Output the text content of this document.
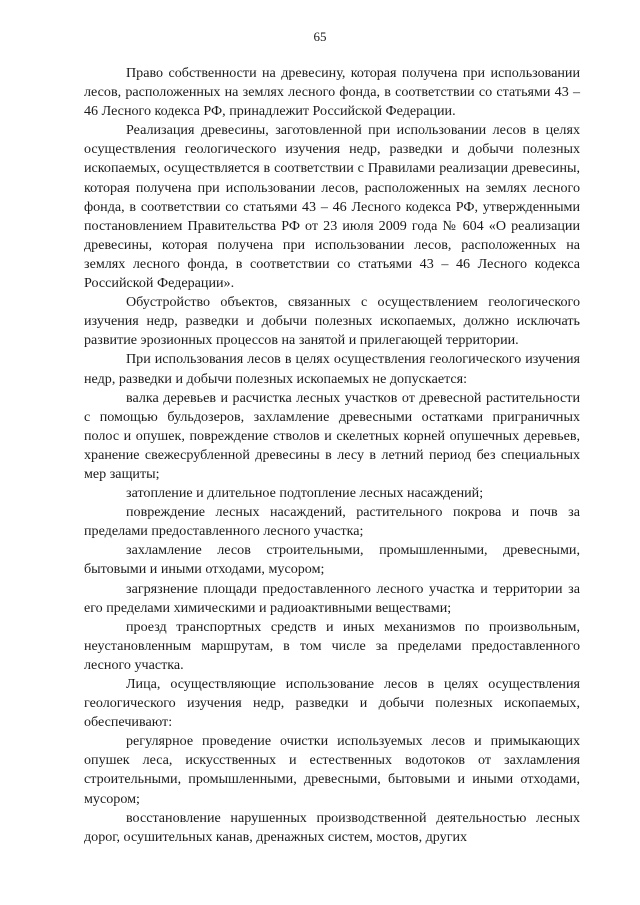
65

Право собственности на древесину, которая получена при использовании лесов, расположенных на землях лесного фонда, в соответствии со статьями 43 – 46 Лесного кодекса РФ, принадлежит Российской Федерации.

Реализация древесины, заготовленной при использовании лесов в целях осуществления геологического изучения недр, разведки и добычи полезных ископаемых, осуществляется в соответствии с Правилами реализации древесины, которая получена при использовании лесов, расположенных на землях лесного фонда, в соответствии со статьями 43 – 46 Лесного кодекса РФ, утвержденными постановлением Правительства РФ от 23 июля 2009 года № 604 «О реализации древесины, которая получена при использовании лесов, расположенных на землях лесного фонда, в соответствии со статьями 43 – 46 Лесного кодекса Российской Федерации».

Обустройство объектов, связанных с осуществлением геологического изучения недр, разведки и добычи полезных ископаемых, должно исключать развитие эрозионных процессов на занятой и прилегающей территории.

При использования лесов в целях осуществления геологического изучения недр, разведки и добычи полезных ископаемых не допускается:

валка деревьев и расчистка лесных участков от древесной растительности с помощью бульдозеров, захламление древесными остатками приграничных полос и опушек, повреждение стволов и скелетных корней опушечных деревьев, хранение свежесрубленной древесины в лесу в летний период без специальных мер защиты;

затопление и длительное подтопление лесных насаждений;

повреждение лесных насаждений, растительного покрова и почв за пределами предоставленного лесного участка;

захламление лесов строительными, промышленными, древесными, бытовыми и иными отходами, мусором;

загрязнение площади предоставленного лесного участка и территории за его пределами химическими и радиоактивными веществами;

проезд транспортных средств и иных механизмов по произвольным, неустановленным маршрутам, в том числе за пределами предоставленного лесного участка.

Лица, осуществляющие использование лесов в целях осуществления геологического изучения недр, разведки и добычи полезных ископаемых, обеспечивают:

регулярное проведение очистки используемых лесов и примыкающих опушек леса, искусственных и естественных водотоков от захламления строительными, промышленными, древесными, бытовыми и иными отходами, мусором;

восстановление нарушенных производственной деятельностью лесных дорог, осушительных канав, дренажных систем, мостов, других
